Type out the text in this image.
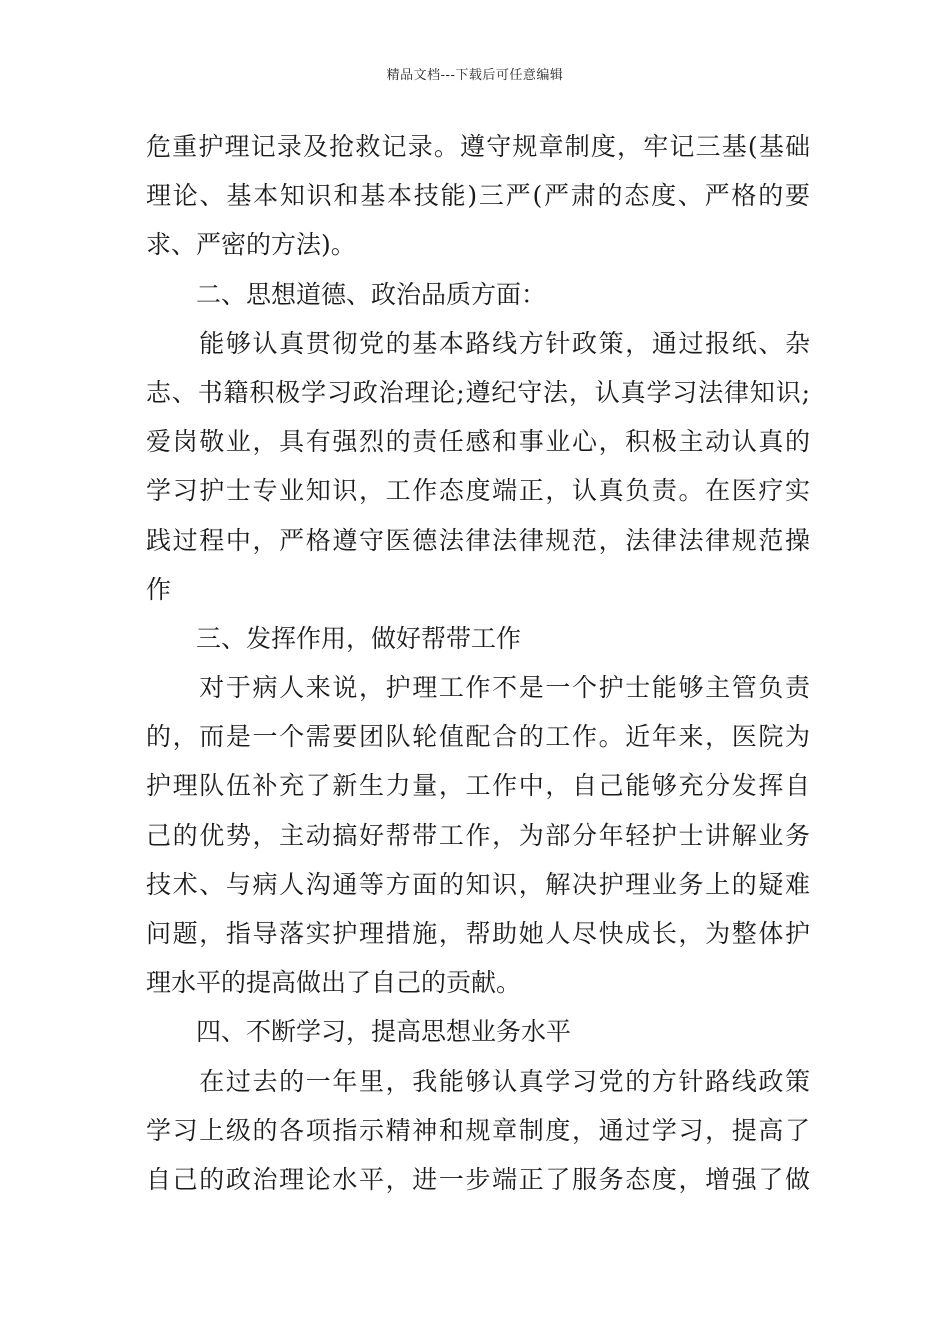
精品文档---下载后可任意编辑
危重护理记录及抢救记录。遵守规章制度，牢记三基(基础
理论、基本知识和基本技能)三严(严肃的态度、严格的要
求、严密的方法)。
　　二、思想道德、政治品质方面：
　　能够认真贯彻党的基本路线方针政策，通过报纸、杂
志、书籍积极学习政治理论;遵纪守法，认真学习法律知识;
爱岗敬业，具有强烈的责任感和事业心，积极主动认真的
学习护士专业知识，工作态度端正，认真负责。在医疗实
践过程中，严格遵守医德法律法律规范，法律法律规范操
作
　　三、发挥作用，做好帮带工作
　　对于病人来说，护理工作不是一个护士能够主管负责
的，而是一个需要团队轮值配合的工作。近年来，医院为
护理队伍补充了新生力量，工作中，自己能够充分发挥自
己的优势，主动搞好帮带工作，为部分年轻护士讲解业务
技术、与病人沟通等方面的知识，解决护理业务上的疑难
问题，指导落实护理措施，帮助她人尽快成长，为整体护
理水平的提高做出了自己的贡献。
　　四、不断学习，提高思想业务水平
　　在过去的一年里，我能够认真学习党的方针路线政策
学习上级的各项指示精神和规章制度，通过学习，提高了
自己的政治理论水平，进一步端正了服务态度，增强了做
